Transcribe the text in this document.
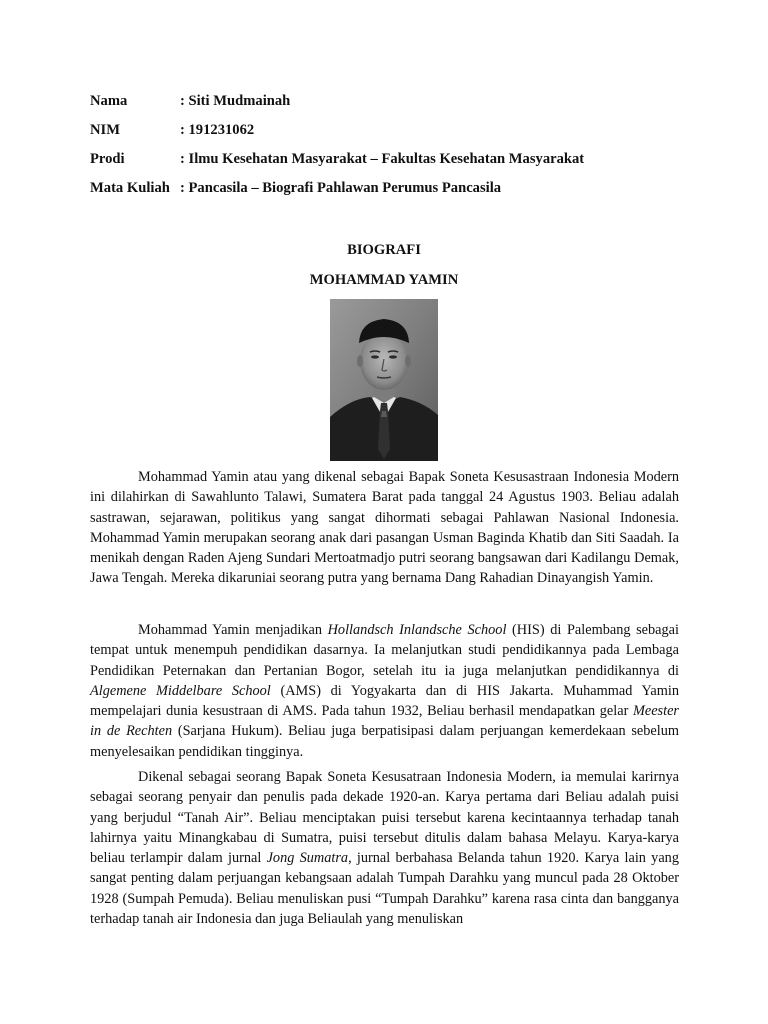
Nama	: Siti Mudmainah
NIM	: 191231062
Prodi	: Ilmu Kesehatan Masyarakat – Fakultas Kesehatan Masyarakat
Mata Kuliah	: Pancasila – Biografi Pahlawan Perumus Pancasila
BIOGRAFI
MOHAMMAD YAMIN

Mohammad Yamin atau yang dikenal sebagai Bapak Soneta Kesusastraan Indonesia Modern ini dilahirkan di Sawahlunto Talawi, Sumatera Barat pada tanggal 24 Agustus 1903. Beliau adalah sastrawan, sejarawan, politikus yang sangat dihormati sebagai Pahlawan Nasional Indonesia. Mohammad Yamin merupakan seorang anak dari pasangan Usman Baginda Khatib dan Siti Saadah. Ia menikah dengan Raden Ajeng Sundari Mertoatmadjo putri seorang bangsawan dari Kadilangu Demak, Jawa Tengah. Mereka dikaruniai seorang putra yang bernama Dang Rahadian Dinayangish Yamin.

Mohammad Yamin menjadikan Hollandsch Inlandsche School (HIS) di Palembang sebagai tempat untuk menempuh pendidikan dasarnya. Ia melanjutkan studi pendidikannya pada Lembaga Pendidikan Peternakan dan Pertanian Bogor, setelah itu ia juga melanjutkan pendidikannya di Algemene Middelbare School (AMS) di Yogyakarta dan di HIS Jakarta. Muhammad Yamin mempelajari dunia kesustraan di AMS. Pada tahun 1932, Beliau berhasil mendapatkan gelar Meester in de Rechten (Sarjana Hukum). Beliau juga berpatisipasi dalam perjuangan kemerdekaan sebelum menyelesaikan pendidikan tingginya.

Dikenal sebagai seorang Bapak Soneta Kesusatraan Indonesia Modern, ia memulai karirnya sebagai seorang penyair dan penulis pada dekade 1920-an. Karya pertama dari Beliau adalah puisi yang berjudul “Tanah Air”. Beliau menciptakan puisi tersebut karena kecintaannya terhadap tanah lahirnya yaitu Minangkabau di Sumatra, puisi tersebut ditulis dalam bahasa Melayu. Karya-karya beliau terlampir dalam jurnal Jong Sumatra, jurnal berbahasa Belanda tahun 1920. Karya lain yang sangat penting dalam perjuangan kebangsaan adalah Tumpah Darahku yang muncul pada 28 Oktober 1928 (Sumpah Pemuda). Beliau menuliskan pusi “Tumpah Darahku” karena rasa cinta dan bangganya terhadap tanah air Indonesia dan juga Beliaulah yang menuliskan
